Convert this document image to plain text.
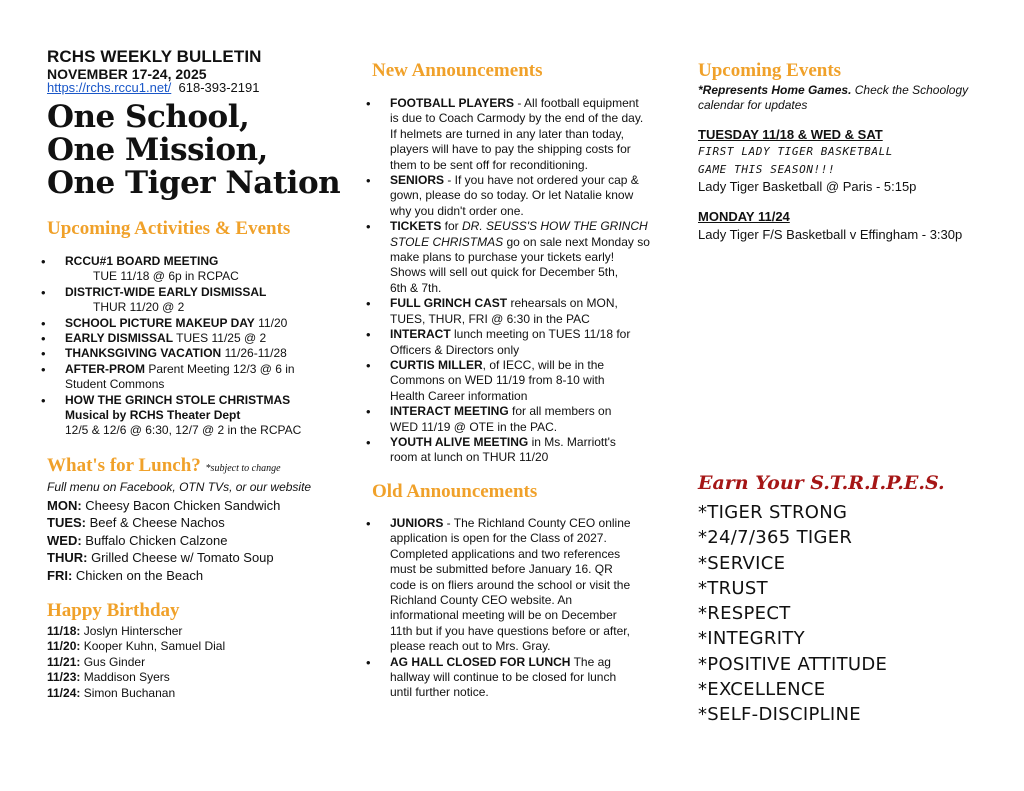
RCHS WEEKLY BULLETIN
NOVEMBER 17-24, 2025
https://rchs.rccu1.net/ 618-393-2191
One School,
One Mission,
One Tiger Nation
Upcoming Activities & Events
• RCCU#1 BOARD MEETING
TUE 11/18 @ 6p in RCPAC
• DISTRICT-WIDE EARLY DISMISSAL
THUR 11/20 @ 2
• SCHOOL PICTURE MAKEUP DAY 11/20
• EARLY DISMISSAL TUES 11/25 @ 2
• THANKSGIVING VACATION 11/26-11/28
• AFTER-PROM Parent Meeting 12/3 @ 6 in
Student Commons
• HOW THE GRINCH STOLE CHRISTMAS
Musical by RCHS Theater Dept
12/5 & 12/6 @ 6:30, 12/7 @ 2 in the RCPAC
What's for Lunch? *subject to change
Full menu on Facebook, OTN TVs, or our website
MON: Cheesy Bacon Chicken Sandwich
TUES: Beef & Cheese Nachos
WED: Buffalo Chicken Calzone
THUR: Grilled Cheese w/ Tomato Soup
FRI: Chicken on the Beach
Happy Birthday
11/18: Joslyn Hinterscher
11/20: Kooper Kuhn, Samuel Dial
11/21: Gus Ginder
11/23: Maddison Syers
11/24: Simon Buchanan
New Announcements
• FOOTBALL PLAYERS - All football equipment
is due to Coach Carmody by the end of the day.
If helmets are turned in any later than today,
players will have to pay the shipping costs for
them to be sent off for reconditioning.
• SENIORS - If you have not ordered your cap &
gown, please do so today. Or let Natalie know
why you didn't order one.
• TICKETS for DR. SEUSS'S HOW THE GRINCH
STOLE CHRISTMAS go on sale next Monday so
make plans to purchase your tickets early!
Shows will sell out quick for December 5th,
6th & 7th.
• FULL GRINCH CAST rehearsals on MON,
TUES, THUR, FRI @ 6:30 in the PAC
• INTERACT lunch meeting on TUES 11/18 for
Officers & Directors only
• CURTIS MILLER, of IECC, will be in the
Commons on WED 11/19 from 8-10 with
Health Career information
• INTERACT MEETING for all members on
WED 11/19 @ OTE in the PAC.
• YOUTH ALIVE MEETING in Ms. Marriott's
room at lunch on THUR 11/20
Old Announcements
• JUNIORS - The Richland County CEO online
application is open for the Class of 2027.
Completed applications and two references
must be submitted before January 16. QR
code is on fliers around the school or visit the
Richland County CEO website. An
informational meeting will be on December
11th but if you have questions before or after,
please reach out to Mrs. Gray.
• AG HALL CLOSED FOR LUNCH The ag
hallway will continue to be closed for lunch
until further notice.
Upcoming Events
*Represents Home Games. Check the Schoology
calendar for updates
TUESDAY 11/18 & WED & SAT
FIRST LADY TIGER BASKETBALL
GAME THIS SEASON!!!
Lady Tiger Basketball @ Paris - 5:15p
MONDAY 11/24
Lady Tiger F/S Basketball v Effingham - 3:30p
Earn Your S.T.R.I.P.E.S.
*TIGER STRONG
*24/7/365 TIGER
*SERVICE
*TRUST
*RESPECT
*INTEGRITY
*POSITIVE ATTITUDE
*EXCELLENCE
*SELF-DISCIPLINE
